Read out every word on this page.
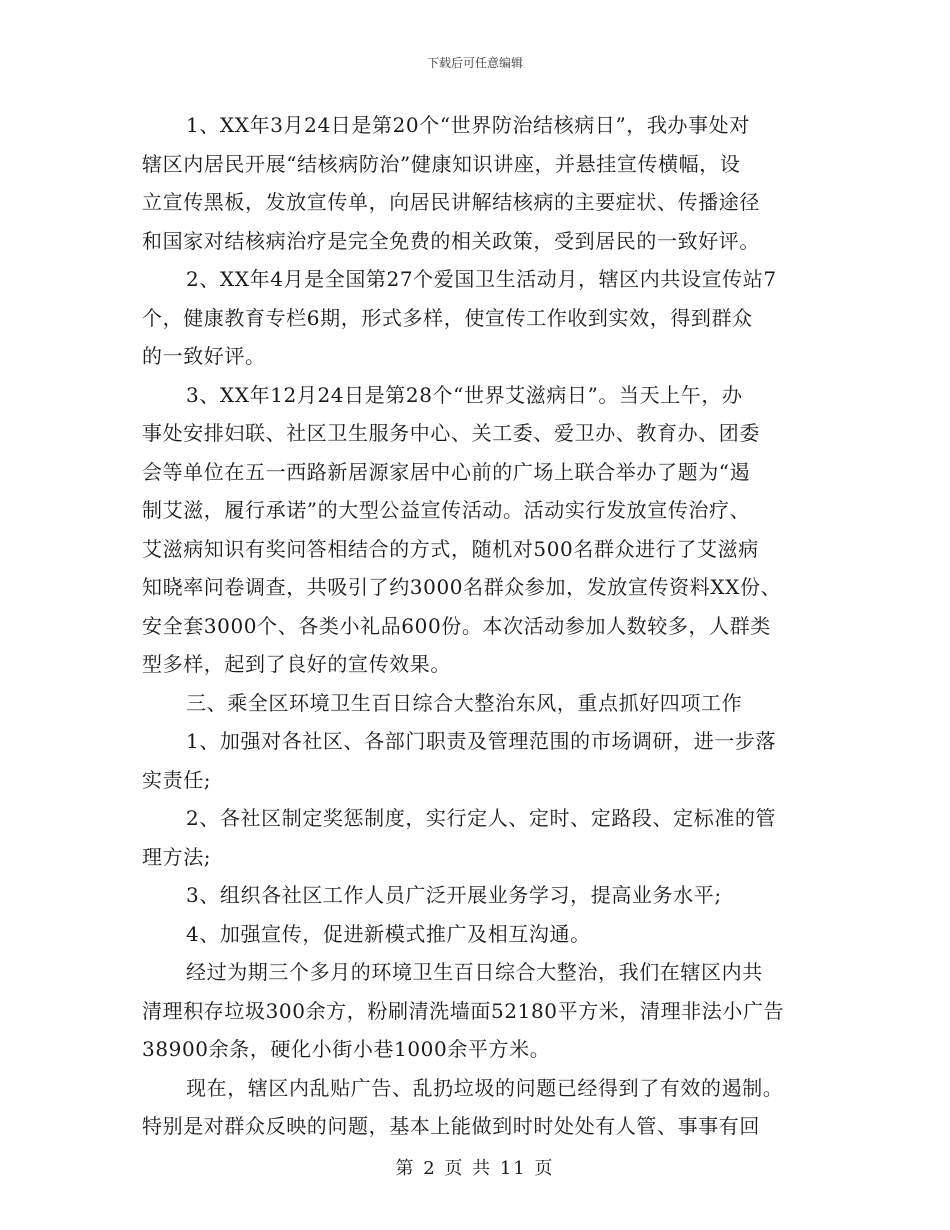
下载后可任意编辑
1、XX年3月24日是第20个“世界防治结核病日”，我办事处对
辖区内居民开展“结核病防治”健康知识讲座，并悬挂宣传横幅，设
立宣传黑板，发放宣传单，向居民讲解结核病的主要症状、传播途径
和国家对结核病治疗是完全免费的相关政策，受到居民的一致好评。
2、XX年4月是全国第27个爱国卫生活动月，辖区内共设宣传站7
个，健康教育专栏6期，形式多样，使宣传工作收到实效，得到群众
的一致好评。
3、XX年12月24日是第28个“世界艾滋病日”。当天上午，办
事处安排妇联、社区卫生服务中心、关工委、爱卫办、教育办、团委
会等单位在五一西路新居源家居中心前的广场上联合举办了题为“遏
制艾滋，履行承诺”的大型公益宣传活动。活动实行发放宣传治疗、
艾滋病知识有奖问答相结合的方式，随机对500名群众进行了艾滋病
知晓率问卷调查，共吸引了约3000名群众参加，发放宣传资料XX份、
安全套3000个、各类小礼品600份。本次活动参加人数较多，人群类
型多样，起到了良好的宣传效果。
三、乘全区环境卫生百日综合大整治东风，重点抓好四项工作
1、加强对各社区、各部门职责及管理范围的市场调研，进一步落
实责任;
2、各社区制定奖惩制度，实行定人、定时、定路段、定标准的管
理方法;
3、组织各社区工作人员广泛开展业务学习，提高业务水平;
4、加强宣传，促进新模式推广及相互沟通。
经过为期三个多月的环境卫生百日综合大整治，我们在辖区内共
清理积存垃圾300余方，粉刷清洗墙面52180平方米，清理非法小广告
38900余条，硬化小街小巷1000余平方米。
现在，辖区内乱贴广告、乱扔垃圾的问题已经得到了有效的遏制。
特别是对群众反映的问题，基本上能做到时时处处有人管、事事有回
第 2 页 共 11 页
